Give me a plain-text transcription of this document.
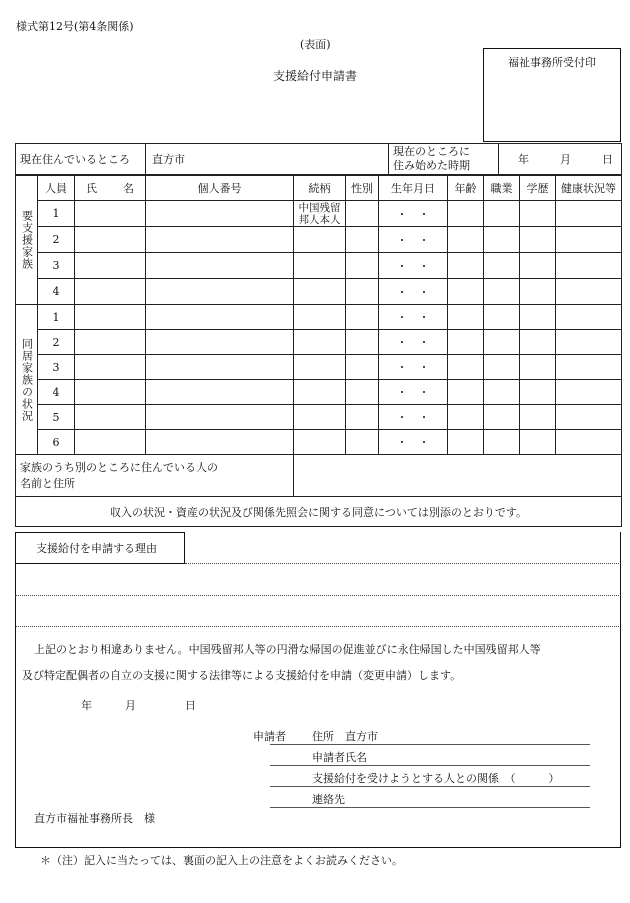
様式第12号(第4条関係)
(表面)
支援給付申請書
福祉事務所受付印
現在住んでいるところ	直方市	
現在のところに
住み始めた時期	年	月	日
要支援家族	人員	氏 名	個人番号	続柄	性別	生年月日	年齢	職業	学歴	健康状況等
	1			中国残留邦人本人		・　・				
	2					・　・				
	3					・　・				
	4					・　・				

同居家族の状況	1					・　・				
	2					・　・				
	3					・　・				
	4					・　・				
	5					・　・				
	6					・　・				

家族のうち別のところに住んでいる人の
名前と住所										

収入の状況・資産の状況及び関係先照会に関する同意については別添のとおりです。										
支援給付を申請する理由
上記のとおり相違ありません。中国残留邦人等の円滑な帰国の促進並びに永住帰国した中国残留邦人等
及び特定配偶者の自立の支援に関する法律等による支援給付を申請（変更申請）します。
年	月	日
申請者 住所　直方市
申請者氏名
支援給付を受けようとする人との関係　（　　　）
連絡先
直方市福祉事務所長　様
＊（注）記入に当たっては、裏面の記入上の注意をよくお読みください。
